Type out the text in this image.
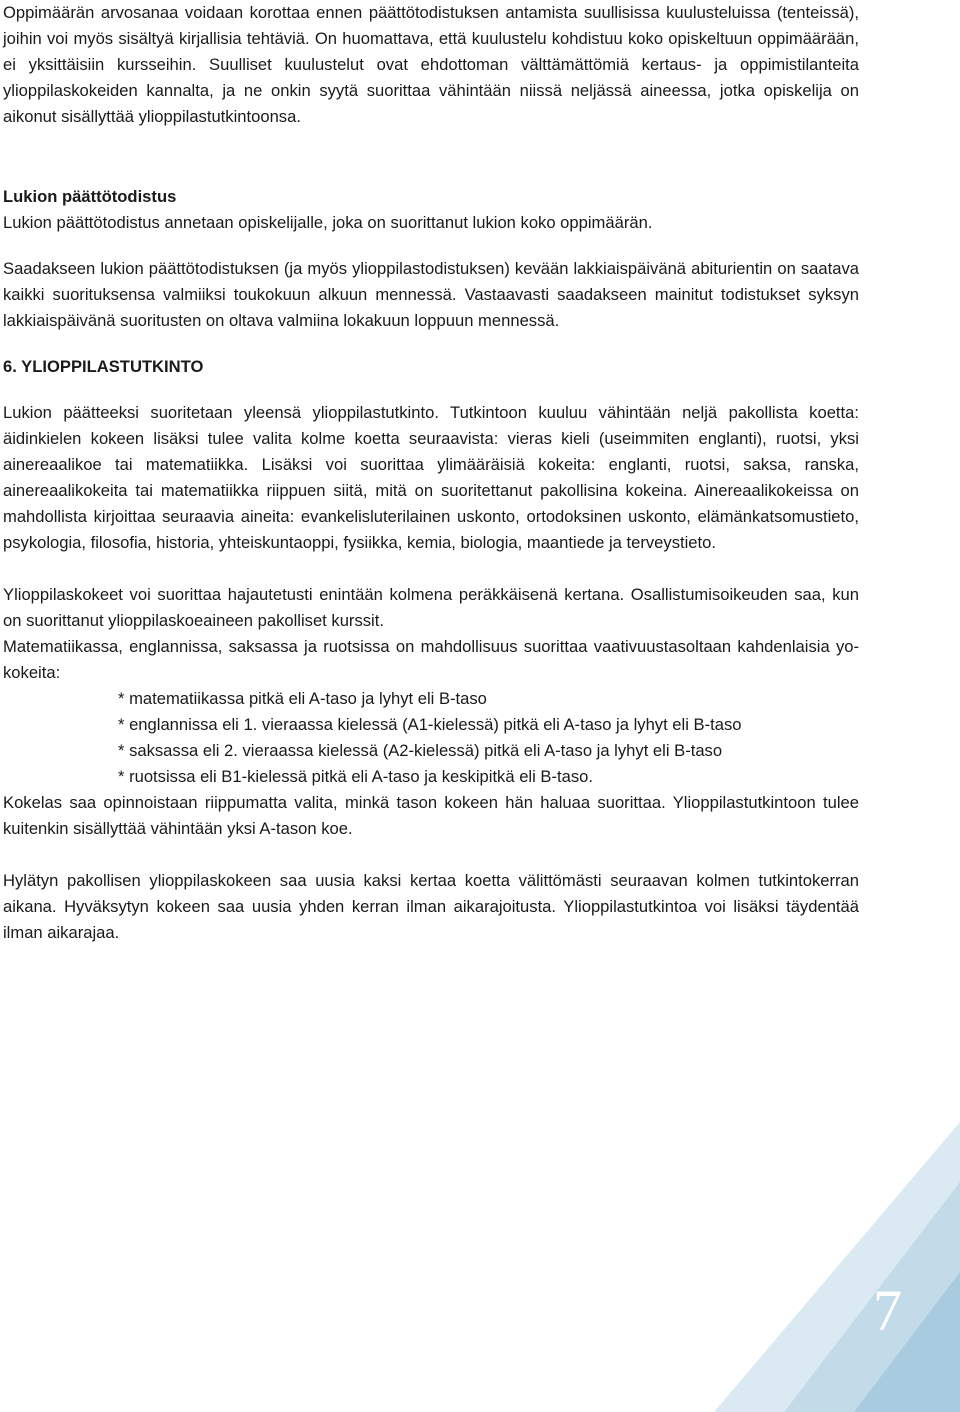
Oppimäärän arvosanaa voidaan korottaa ennen päättötodistuksen antamista suullisissa kuulusteluissa (tenteissä), joihin voi myös sisältyä kirjallisia tehtäviä. On huomattava, että kuulustelu kohdistuu koko opiskeltuun oppimäärään, ei yksittäisiin kursseihin. Suulliset kuulustelut ovat ehdottoman välttämättömiä kertaus- ja oppimistilanteita ylioppilaskokeiden kannalta, ja ne onkin syytä suorittaa vähintään niissä neljässä aineessa, jotka opiskelija on aikonut sisällyttää ylioppilastutkintoonsa.

Lukion päättötodistus

Lukion päättötodistus annetaan opiskelijalle, joka on suorittanut lukion koko oppimäärän.

Saadakseen lukion päättötodistuksen (ja myös ylioppilastodistuksen) kevään lakkiaispäivänä abiturientin on saatava kaikki suorituksensa valmiiksi toukokuun alkuun mennessä. Vastaavasti saadakseen mainitut todistukset syksyn lakkiaispäivänä suoritusten on oltava valmiina lokakuun loppuun mennessä.

6. YLIOPPILASTUTKINTO

Lukion päätteeksi suoritetaan yleensä ylioppilastutkinto. Tutkintoon kuuluu vähintään neljä pakollista koetta: äidinkielen kokeen lisäksi tulee valita kolme koetta seuraavista: vieras kieli (useimmiten englanti), ruotsi, yksi ainereaalikoe tai matematiikka. Lisäksi voi suorittaa ylimääräisiä kokeita: englanti, ruotsi, saksa, ranska, ainereaalikokeita tai matematiikka riippuen siitä, mitä on suoritettanut pakollisina kokeina. Ainereaalikokeissa on mahdollista kirjoittaa seuraavia aineita: evankelisluterilainen uskonto, ortodoksinen uskonto, elämänkatsomustieto, psykologia, filosofia, historia, yhteiskuntaoppi, fysiikka, kemia, biologia, maantiede ja terveystieto.

Ylioppilaskokeet voi suorittaa hajautetusti enintään kolmena peräkkäisenä kertana. Osallistumisoikeuden saa, kun on suorittanut ylioppilaskoeaineen pakolliset kurssit.

Matematiikassa, englannissa, saksassa ja ruotsissa on mahdollisuus suorittaa vaativuustasoltaan kahdenlaisia yo-kokeita:

* matematiikassa pitkä eli A-taso ja lyhyt eli B-taso

* englannissa eli 1. vieraassa kielessä (A1-kielessä) pitkä eli A-taso ja lyhyt eli B-taso

* saksassa eli 2. vieraassa kielessä (A2-kielessä) pitkä eli A-taso ja lyhyt eli B-taso

* ruotsissa eli B1-kielessä pitkä eli A-taso ja keskipitkä eli B-taso.

Kokelas saa opinnoistaan riippumatta valita, minkä tason kokeen hän haluaa suorittaa. Ylioppilastutkintoon tulee kuitenkin sisällyttää vähintään yksi A-tason koe.

Hylätyn pakollisen ylioppilaskokeen saa uusia kaksi kertaa koetta välittömästi seuraavan kolmen tutkintokerran aikana. Hyväksytyn kokeen saa uusia yhden kerran ilman aikarajoitusta. Ylioppilastutkintoa voi lisäksi täydentää ilman aikarajaa.

7
